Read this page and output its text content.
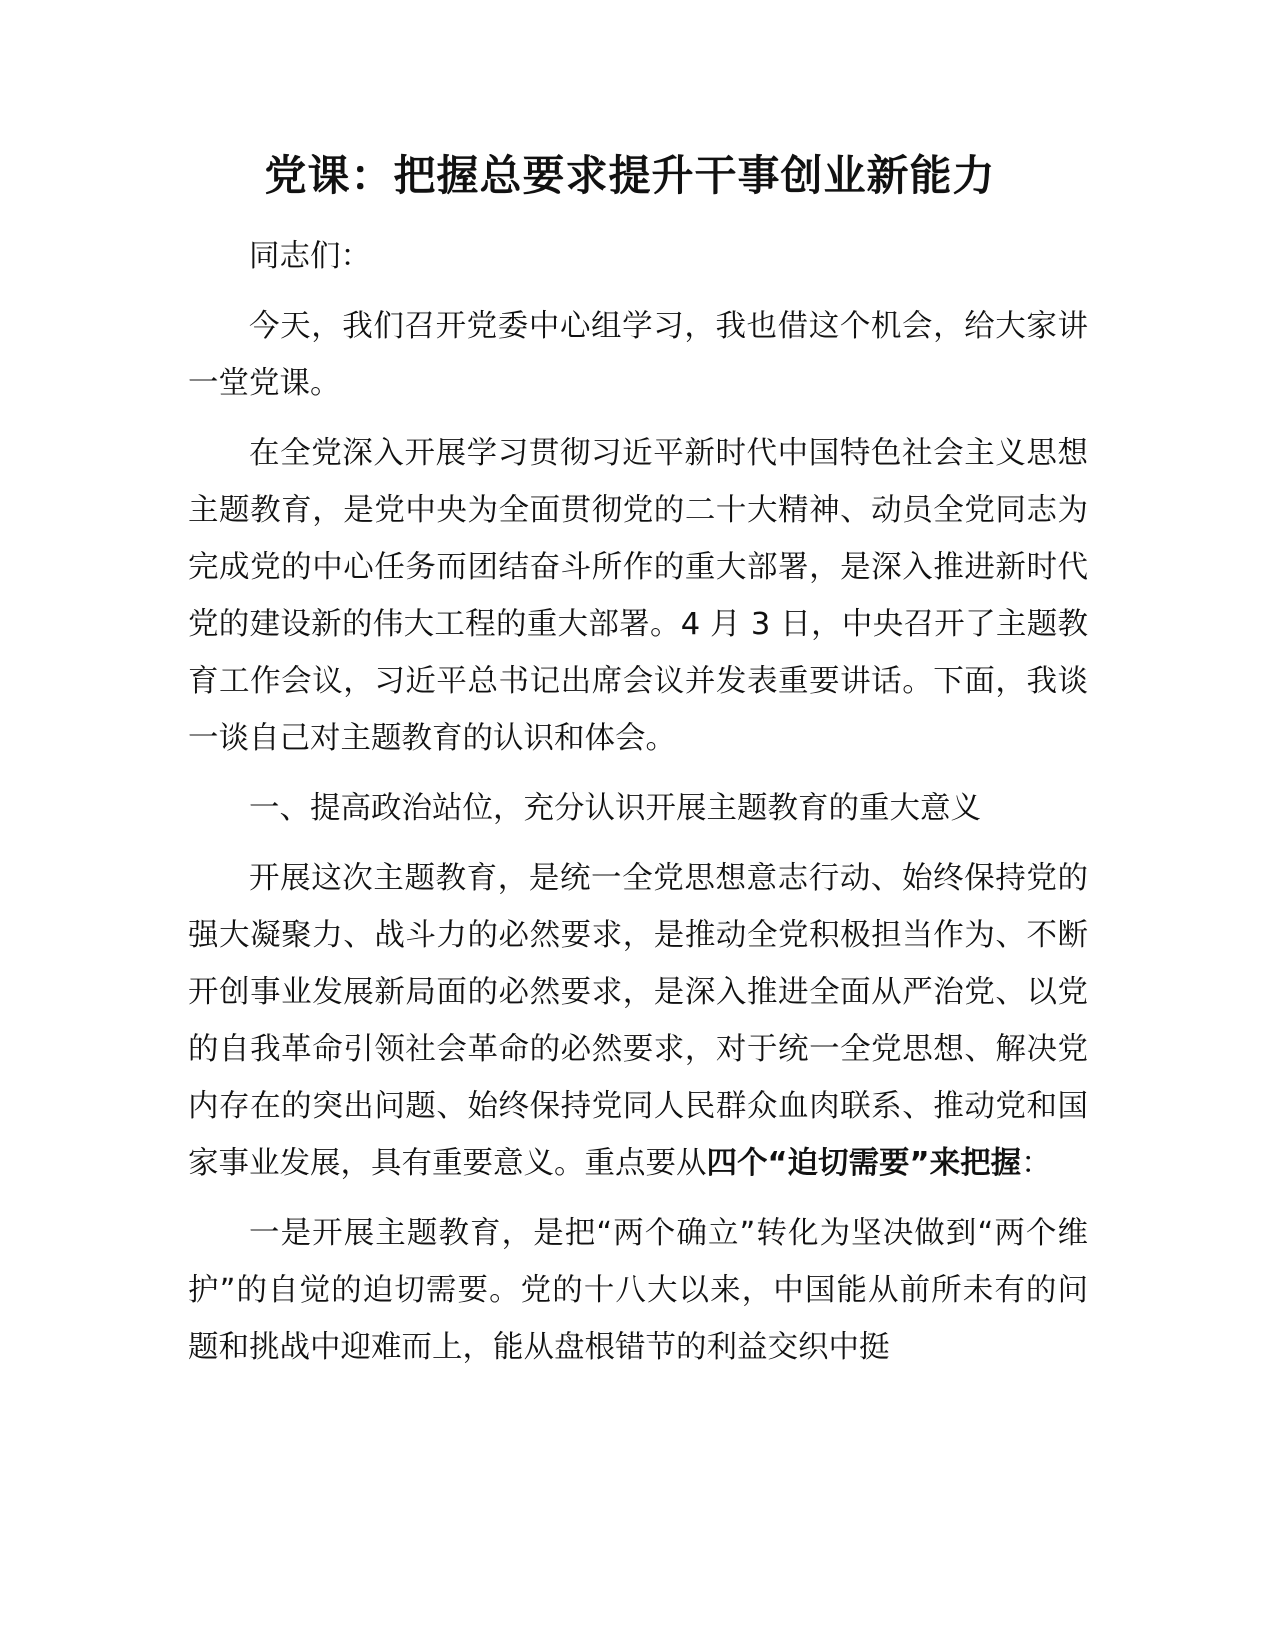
党课：把握总要求提升干事创业新能力

同志们：

今天，我们召开党委中心组学习，我也借这个机会，给大家讲一堂党课。

在全党深入开展学习贯彻习近平新时代中国特色社会主义思想主题教育，是党中央为全面贯彻党的二十大精神、动员全党同志为完成党的中心任务而团结奋斗所作的重大部署，是深入推进新时代党的建设新的伟大工程的重大部署。4 月 3 日，中央召开了主题教育工作会议，习近平总书记出席会议并发表重要讲话。下面，我谈一谈自己对主题教育的认识和体会。

一、提高政治站位，充分认识开展主题教育的重大意义

开展这次主题教育，是统一全党思想意志行动、始终保持党的强大凝聚力、战斗力的必然要求，是推动全党积极担当作为、不断开创事业发展新局面的必然要求，是深入推进全面从严治党、以党的自我革命引领社会革命的必然要求，对于统一全党思想、解决党内存在的突出问题、始终保持党同人民群众血肉联系、推动党和国家事业发展，具有重要意义。重点要从四个“迫切需要”来把握：

一是开展主题教育，是把“两个确立”转化为坚决做到“两个维护”的自觉的迫切需要。党的十八大以来，中国能从前所未有的问题和挑战中迎难而上，能从盘根错节的利益交织中挺
